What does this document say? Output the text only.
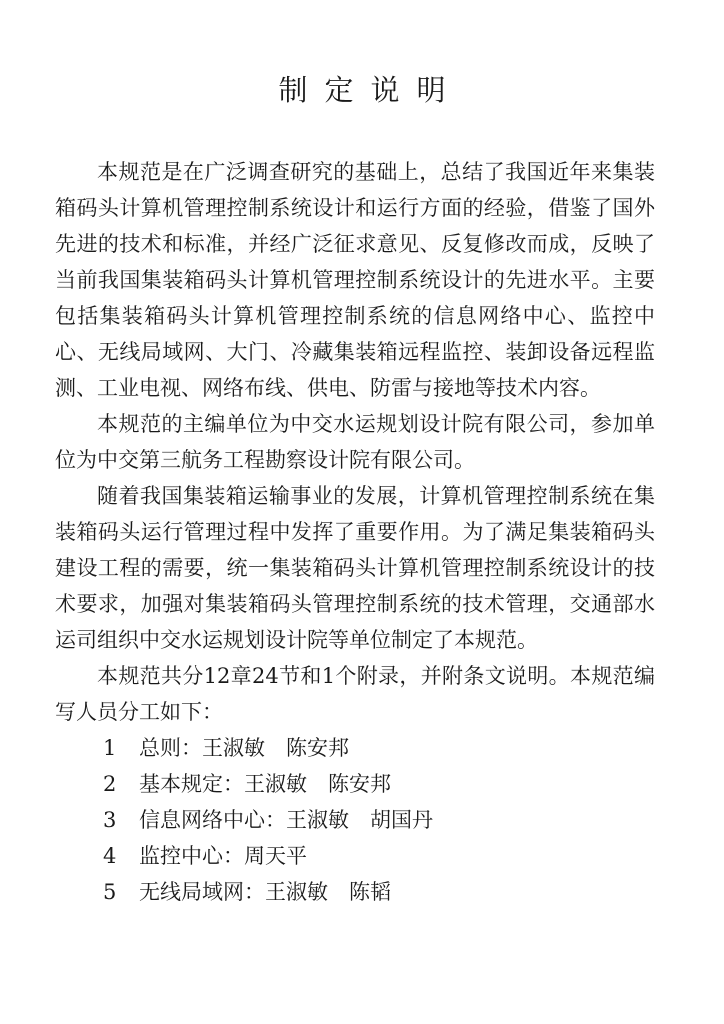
制定说明

本规范是在广泛调查研究的基础上，总结了我国近年来集装箱码头计算机管理控制系统设计和运行方面的经验，借鉴了国外先进的技术和标准，并经广泛征求意见、反复修改而成，反映了当前我国集装箱码头计算机管理控制系统设计的先进水平。主要包括集装箱码头计算机管理控制系统的信息网络中心、监控中心、无线局域网、大门、冷藏集装箱远程监控、装卸设备远程监测、工业电视、网络布线、供电、防雷与接地等技术内容。

本规范的主编单位为中交水运规划设计院有限公司，参加单位为中交第三航务工程勘察设计院有限公司。

随着我国集装箱运输事业的发展，计算机管理控制系统在集装箱码头运行管理过程中发挥了重要作用。为了满足集装箱码头建设工程的需要，统一集装箱码头计算机管理控制系统设计的技术要求，加强对集装箱码头管理控制系统的技术管理，交通部水运司组织中交水运规划设计院等单位制定了本规范。

本规范共分12章24节和1个附录，并附条文说明。本规范编写人员分工如下：

1	总则：王淑敏　陈安邦
2	基本规定：王淑敏　陈安邦
3	信息网络中心：王淑敏　胡国丹
4	监控中心：周天平
5	无线局域网：王淑敏　陈韬
